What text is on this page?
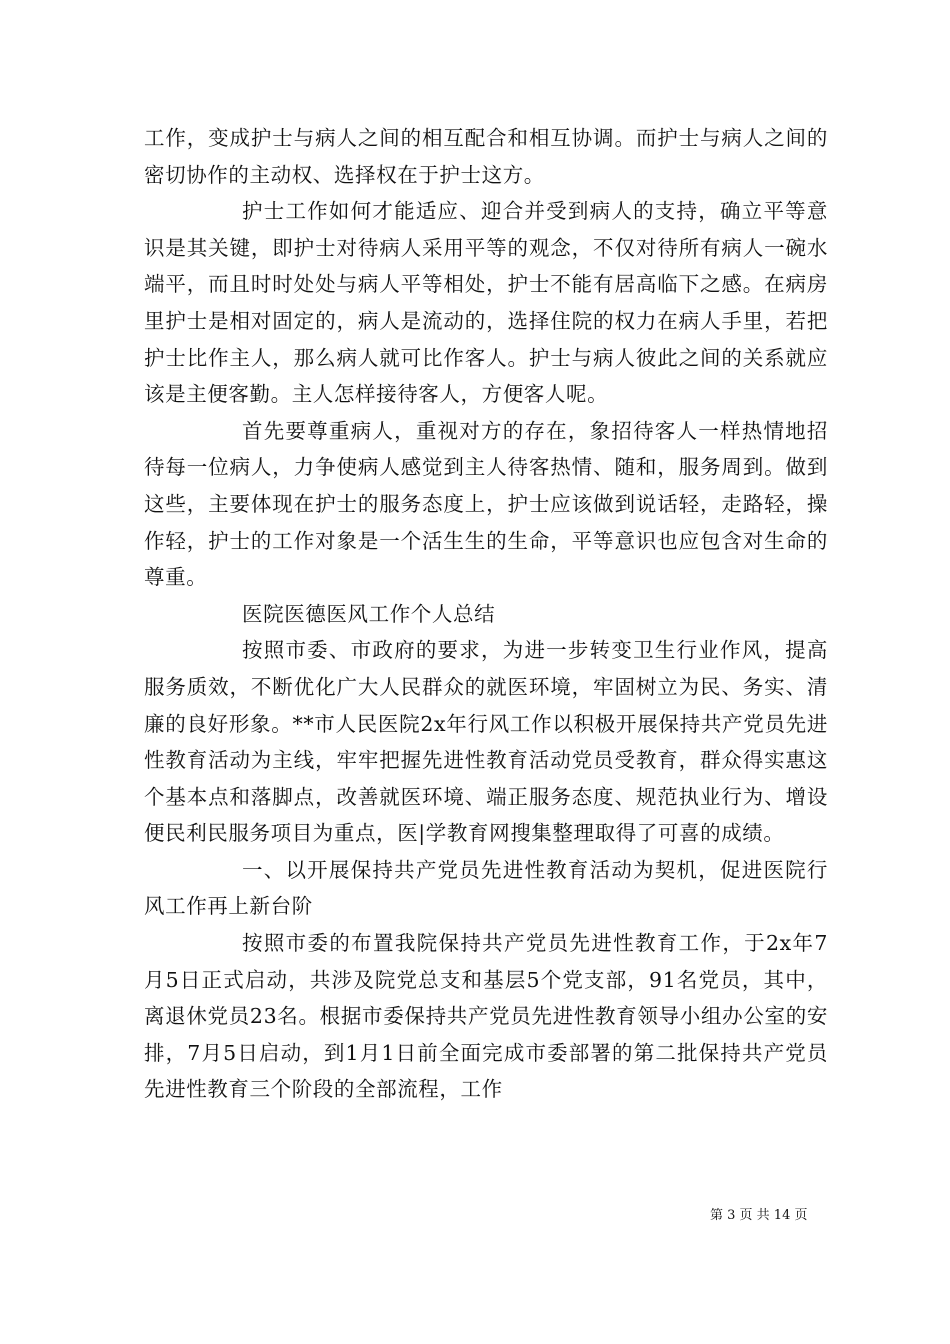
工作，变成护士与病人之间的相互配合和相互协调。而护士与病人之间的密切协作的主动权、选择权在于护士这方。

护士工作如何才能适应、迎合并受到病人的支持，确立平等意识是其关键，即护士对待病人采用平等的观念，不仅对待所有病人一碗水端平，而且时时处处与病人平等相处，护士不能有居高临下之感。在病房里护士是相对固定的，病人是流动的，选择住院的权力在病人手里，若把护士比作主人，那么病人就可比作客人。护士与病人彼此之间的关系就应该是主便客勤。主人怎样接待客人，方便客人呢。

首先要尊重病人，重视对方的存在，象招待客人一样热情地招待每一位病人，力争使病人感觉到主人待客热情、随和，服务周到。做到这些，主要体现在护士的服务态度上，护士应该做到说话轻，走路轻，操作轻，护士的工作对象是一个活生生的生命，平等意识也应包含对生命的尊重。

医院医德医风工作个人总结

按照市委、市政府的要求，为进一步转变卫生行业作风，提高服务质效，不断优化广大人民群众的就医环境，牢固树立为民、务实、清廉的良好形象。**市人民医院2x年行风工作以积极开展保持共产党员先进性教育活动为主线，牢牢把握先进性教育活动党员受教育，群众得实惠这个基本点和落脚点，改善就医环境、端正服务态度、规范执业行为、增设便民利民服务项目为重点，医|学教育网搜集整理取得了可喜的成绩。

一、以开展保持共产党员先进性教育活动为契机，促进医院行风工作再上新台阶

按照市委的布置我院保持共产党员先进性教育工作，于2x年7月5日正式启动，共涉及院党总支和基层5个党支部，91名党员，其中，离退休党员23名。根据市委保持共产党员先进性教育领导小组办公室的安排，7月5日启动，到1月1日前全面完成市委部署的第二批保持共产党员先进性教育三个阶段的全部流程，工作

第 3 页 共 14 页
